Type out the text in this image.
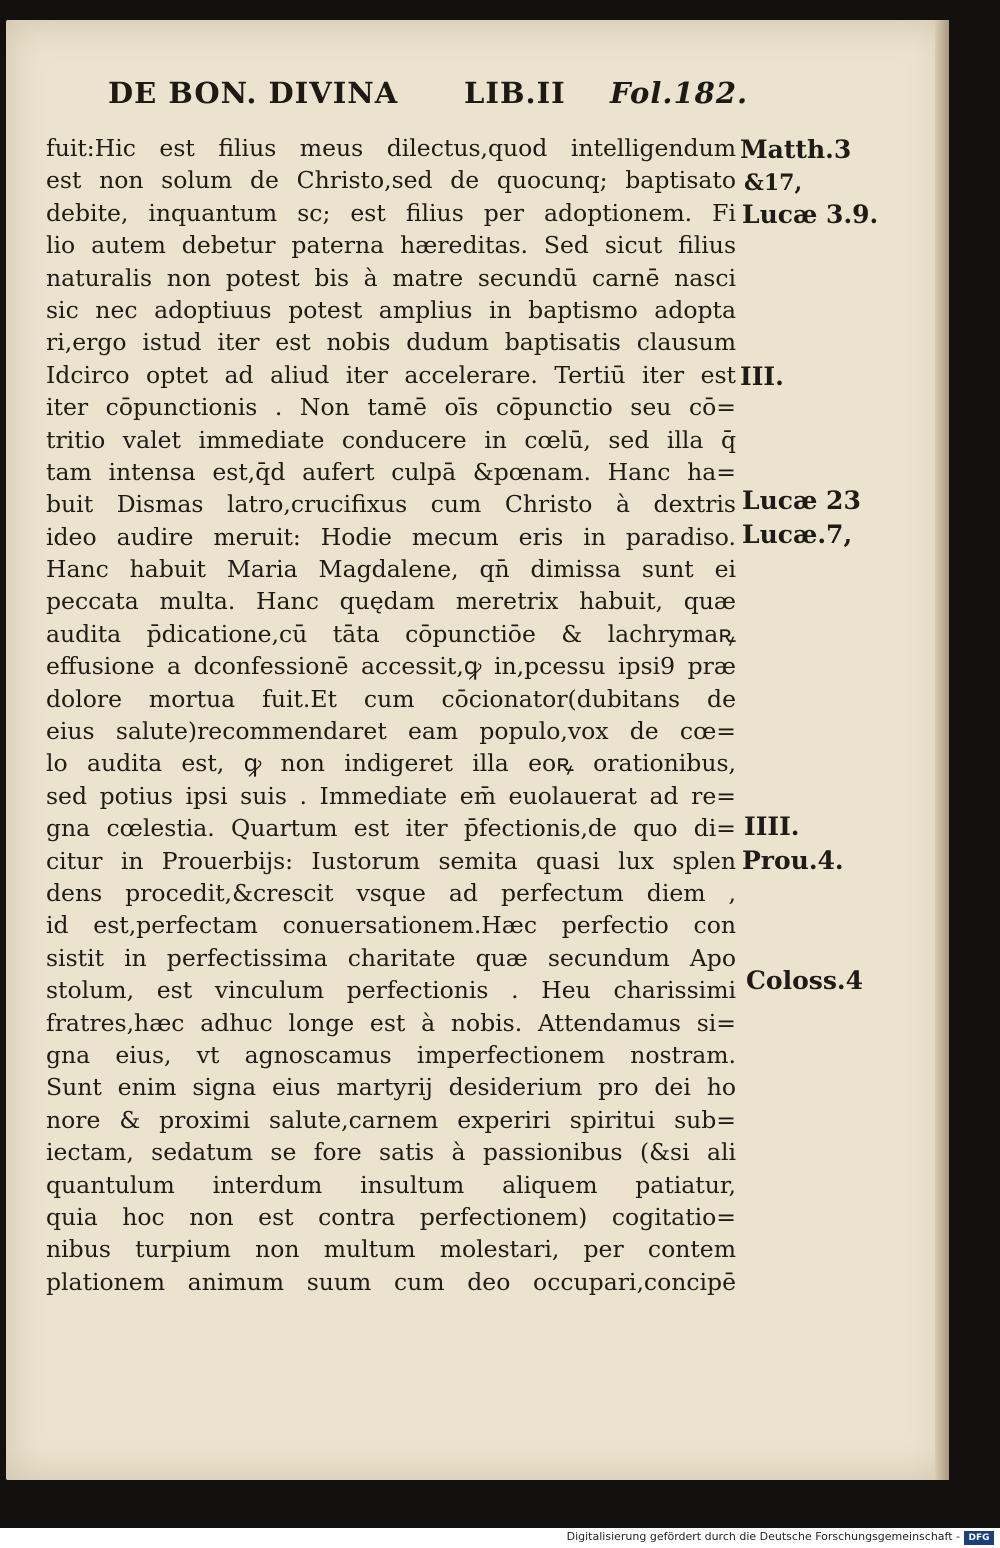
DE BON. DIVINA LIB.II Fol.182.
fuit:Hic est filius meus dilectus,quod intelligendum
est non solum de Christo,sed de quocunq; baptisato
debite, inquantum sc; est filius per adoptionem. Fi
lio autem debetur paterna hæreditas. Sed sicut filius
naturalis non potest bis à matre secundū carnē nasci
sic nec adoptiuus potest amplius in baptismo adopta
ri,ergo istud iter est nobis dudum baptisatis clausum
Idcirco optet ad aliud iter accelerare. Tertiū iter est
iter cōpunctionis . Non tamē oīs cōpunctio seu cō=
tritio valet immediate conducere in cœlū, sed illa q̄
tam intensa est,q̄d aufert culpā &pœnam. Hanc ha=
buit Dismas latro,crucifixus cum Christo à dextris
ideo audire meruit: Hodie mecum eris in paradiso.
Hanc habuit Maria Magdalene, qn̄ dimissa sunt ei
peccata multa. Hanc quędam meretrix habuit, quæ
audita p̄dicatione,cū tāta cōpunctiōe & lachrymaꝶ
effusione a dconfessionē accessit,ꝙ in,pcessu ipsi9 præ
dolore mortua fuit.Et cum cōcionator(dubitans de
eius salute)recommendaret eam populo,vox de cœ=
lo audita est, ꝙ non indigeret illa eoꝶ orationibus,
sed potius ipsi suis . Immediate em̄ euolauerat ad re=
gna cœlestia. Quartum est iter p̄fectionis,de quo di=
citur in Prouerbijs: Iustorum semita quasi lux splen
dens procedit,&crescit vsque ad perfectum diem ,
id est,perfectam conuersationem.Hæc perfectio con
sistit in perfectissima charitate quæ secundum Apo
stolum, est vinculum perfectionis . Heu charissimi
fratres,hæc adhuc longe est à nobis. Attendamus si=
gna eius, vt agnoscamus imperfectionem nostram.
Sunt enim signa eius martyrij desiderium pro dei ho
nore & proximi salute,carnem experiri spiritui sub=
iectam, sedatum se fore satis à passionibus (&si ali
quantulum interdum insultum aliquem patiatur,
quia hoc non est contra perfectionem) cogitatio=
nibus turpium non multum molestari, per contem
plationem animum suum cum deo occupari,concipē
Matth.3
&17,
Lucæ 3.9.
III.
Lucæ 23
Lucæ.7,
IIII.
Prou.4.
Coloss.4
Digitalisierung gefördert durch die Deutsche Forschungsgemeinschaft - DFG
